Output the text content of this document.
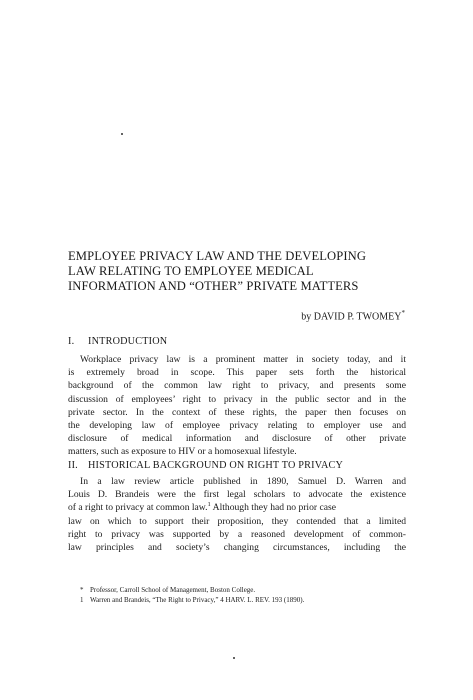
EMPLOYEE PRIVACY LAW AND THE DEVELOPING
LAW RELATING TO EMPLOYEE MEDICAL
INFORMATION AND “OTHER” PRIVATE MATTERS
by DAVID P. TWOMEY*
I. INTRODUCTION
Workplace privacy law is a prominent matter in society today, and it
is extremely broad in scope. This paper sets forth the historical
background of the common law right to privacy, and presents some
discussion of employees’ right to privacy in the public sector and in the
private sector. In the context of these rights, the paper then focuses on
the developing law of employee privacy relating to employer use and
disclosure of medical information and disclosure of other private
matters, such as exposure to HIV or a homosexual lifestyle.
II. HISTORICAL BACKGROUND ON RIGHT TO PRIVACY
In a law review article published in 1890, Samuel D. Warren and
Louis D. Brandeis were the first legal scholars to advocate the existence
of a right to privacy at common law.$^1$ Although they had no prior case
law on which to support their proposition, they contended that a limited
right to privacy was supported by a reasoned development of common-
law principles and society’s changing circumstances, including the
* Professor, Carroll School of Management, Boston College.
1 Warren and Brandeis, “The Right to Privacy,” 4 HARV. L. REV. 193 (1890).
